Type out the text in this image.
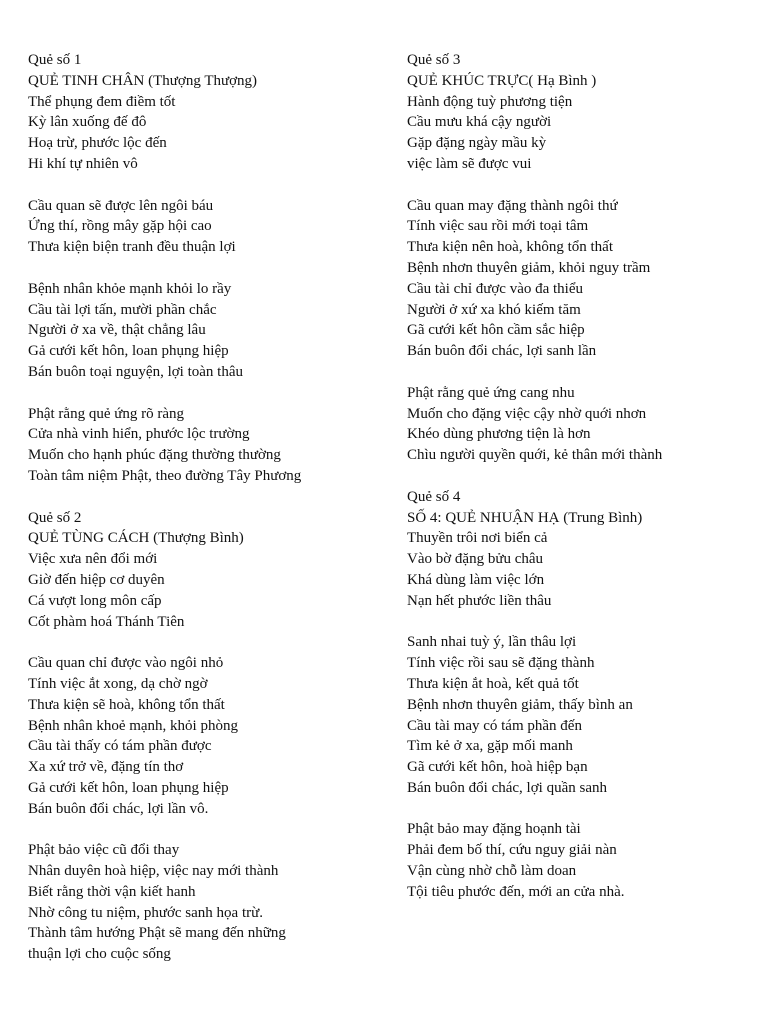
Quẻ số 1
QUẺ TINH CHÂN (Thượng Thượng)
Thể phụng đem điềm tốt
Kỳ lân xuống đế đô
Hoạ trừ, phước lộc đến
Hi khí tự nhiên vô
Cầu quan sẽ được lên ngôi báu
Ứng thí, rồng mây gặp hội cao
Thưa kiện biện tranh đều thuận lợi
Bệnh nhân khỏe mạnh khỏi lo rầy
Cầu tài lợi tấn, mười phần chắc
Người ở xa về, thật chẳng lâu
Gả cưới kết hôn, loan phụng hiệp
Bán buôn toại nguyện, lợi toàn thâu
Phật rằng quẻ ứng rõ ràng
Cửa nhà vinh hiển, phước lộc trường
Muốn cho hạnh phúc đặng thường thường
Toàn tâm niệm Phật, theo đường Tây Phương
Quẻ số 2
QUẺ TÙNG CÁCH (Thượng Bình)
Việc xưa nên đổi mới
Giờ đến hiệp cơ duyên
Cá vượt long môn cấp
Cốt phàm hoá Thánh Tiên
Cầu quan chỉ được vào ngôi nhỏ
Tính việc ắt xong, dạ chờ ngờ
Thưa kiện sẽ hoà, không tổn thất
Bệnh nhân khoẻ mạnh, khỏi phòng
Cầu tài thấy có tám phần được
Xa xứ trở về, đặng tín thơ
Gả cưới kết hôn, loan phụng hiệp
Bán buôn đổi chác, lợi lần vô.
Phật bảo việc cũ đổi thay
Nhân duyên hoà hiệp, việc nay mới thành
Biết rằng thời vận kiết hanh
Nhờ công tu niệm, phước sanh họa trừ.
Thành tâm hướng Phật sẽ mang đến những
thuận lợi cho cuộc sống
Quẻ số 3
QUẺ KHÚC TRỰC( Hạ Bình )
Hành động tuỳ phương tiện
Cầu mưu khá cậy người
Gặp đặng ngày mầu kỳ
việc làm sẽ được vui
Cầu quan may đặng thành ngôi thứ
Tính việc sau rồi mới toại tâm
Thưa kiện nên hoà, không tổn thất
Bệnh nhơn thuyên giảm, khỏi nguy trầm
Cầu tài chỉ được vào đa thiểu
Người ở xứ xa khó kiếm tăm
Gã cưới kết hôn cầm sắc hiệp
Bán buôn đổi chác, lợi sanh lần
Phật rằng quẻ ứng cang nhu
Muốn cho đặng việc cậy nhờ quới nhơn
Khéo dùng phương tiện là hơn
Chìu người quyền quới, kẻ thân mới thành
Quẻ số 4
SỐ 4: QUẺ NHUẬN HẠ (Trung Bình)
Thuyền trôi nơi biển cả
Vào bờ đặng bửu châu
Khá dùng làm việc lớn
Nạn hết phước liền thâu
Sanh nhai tuỳ ý, lần thâu lợi
Tính việc rồi sau sẽ đặng thành
Thưa kiện ắt hoà, kết quả tốt
Bệnh nhơn thuyên giảm, thấy bình an
Cầu tài may có tám phần đến
Tìm kẻ ở xa, gặp mối manh
Gã cưới kết hôn, hoà hiệp bạn
Bán buôn đổi chác, lợi quần sanh
Phật bảo may đặng hoạnh tài
Phải đem bố thí, cứu nguy giải nàn
Vận cùng nhờ chỗ làm doan
Tội tiêu phước đến, mới an cửa nhà.
